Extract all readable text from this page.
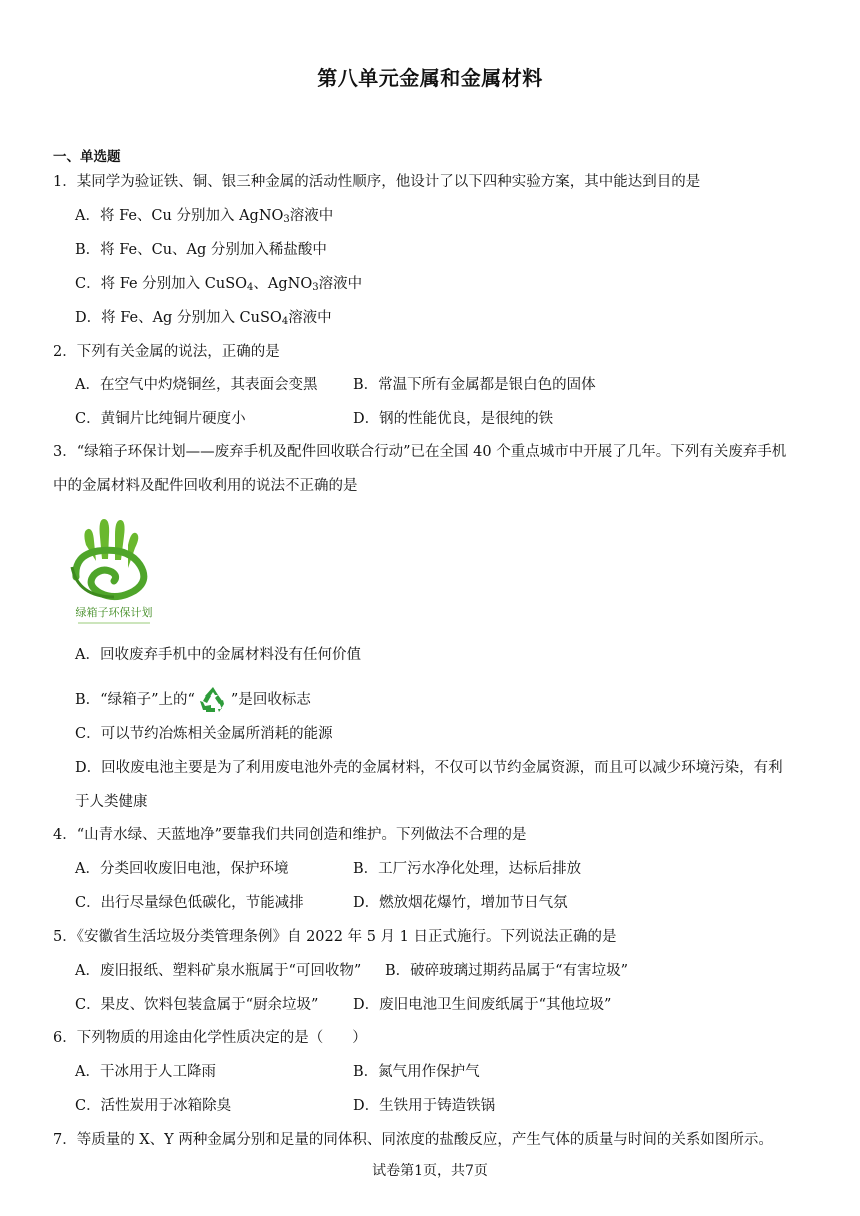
第八单元金属和金属材料
一、单选题
1．某同学为验证铁、铜、银三种金属的活动性顺序，他设计了以下四种实验方案，其中能达到目的是
A．将 Fe、Cu 分别加入 AgNO$_3$溶液中
B．将 Fe、Cu、Ag 分别加入稀盐酸中
C．将 Fe 分别加入 CuSO$_4$、AgNO$_3$溶液中
D．将 Fe、Ag 分别加入 CuSO$_4$溶液中
2．下列有关金属的说法，正确的是
A．在空气中灼烧铜丝，其表面会变黑 B．常温下所有金属都是银白色的固体
C．黄铜片比纯铜片硬度小	D．钢的性能优良，是很纯的铁
3．“绿箱子环保计划——废弃手机及配件回收联合行动”已在全国 40 个重点城市中开展了几年。下列有关废弃手机
中的金属材料及配件回收利用的说法不正确的是
绿箱子环保计划
A．回收废弃手机中的金属材料没有任何价值
B．“绿箱子”上的“ ”是回收标志
C．可以节约冶炼相关金属所消耗的能源
D．回收废电池主要是为了利用废电池外壳的金属材料，不仅可以节约金属资源，而且可以减少环境污染，有利
于人类健康
4．“山青水绿、天蓝地净”要靠我们共同创造和维护。下列做法不合理的是
A．分类回收废旧电池，保护环境	B．工厂污水净化处理，达标后排放
C．出行尽量绿色低碳化，节能减排	D．燃放烟花爆竹，增加节日气氛
5．《安徽省生活垃圾分类管理条例》自 2022 年 5 月 1 日正式施行。下列说法正确的是
A．废旧报纸、塑料矿泉水瓶属于“可回收物” B．破碎玻璃过期药品属于“有害垃圾”
C．果皮、饮料包装盒属于“厨余垃圾” D．废旧电池卫生间废纸属于“其他垃圾”
6．下列物质的用途由化学性质决定的是（　　）
A．干冰用于人工降雨	B．氮气用作保护气
C．活性炭用于冰箱除臭	D．生铁用于铸造铁锅
7．等质量的 X、Y 两种金属分别和足量的同体积、同浓度的盐酸反应，产生气体的质量与时间的关系如图所示。
试卷第1页，共7页
